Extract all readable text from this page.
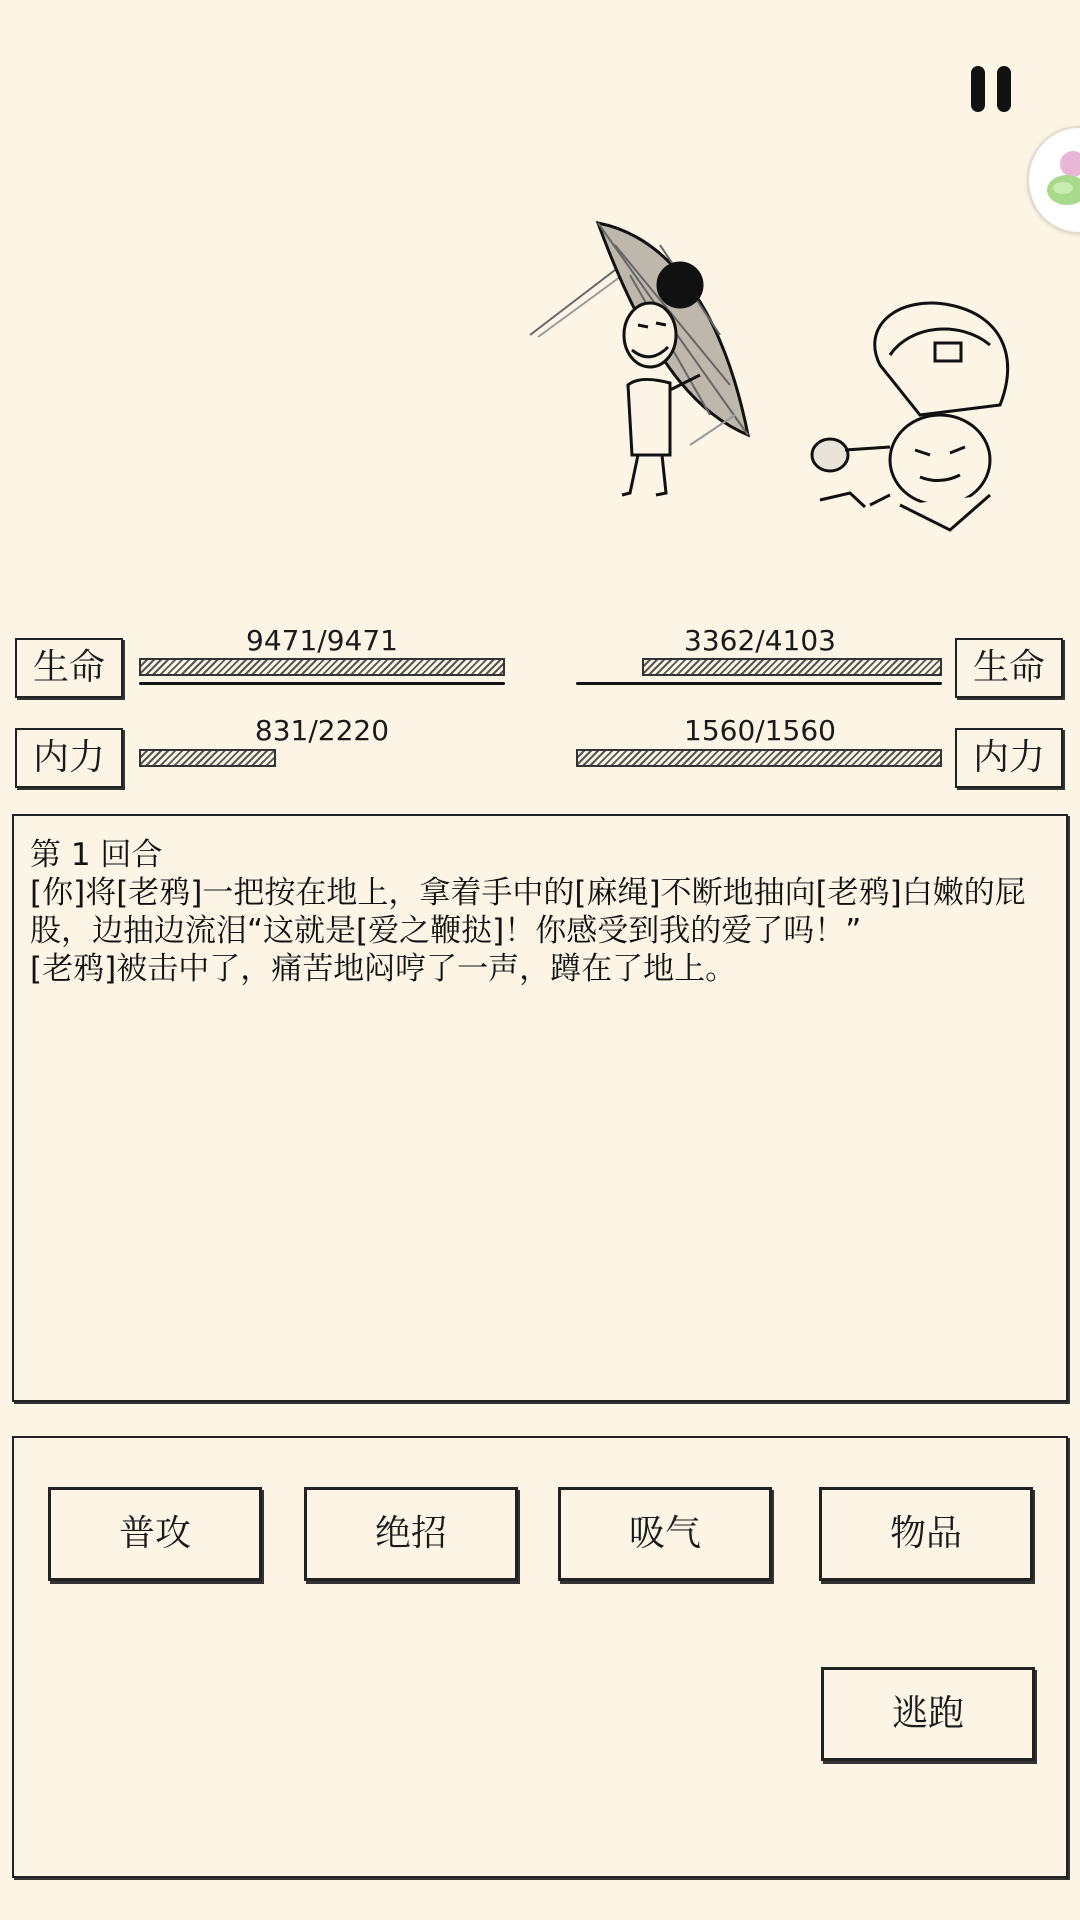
生命
9471/9471
内力
831/2220
生命
3362/4103
内力
1560/1560

第 1 回合

[你]将[老鸦]一把按在地上，拿着手中的[麻绳]不断地抽向[老鸦]白嫩的屁股，边抽边流泪“这就是[爱之鞭挞]！你感受到我的爱了吗！”

[老鸦]被击中了，痛苦地闷哼了一声，蹲在了地上。

普攻	绝招	吸气	物品
逃跑
